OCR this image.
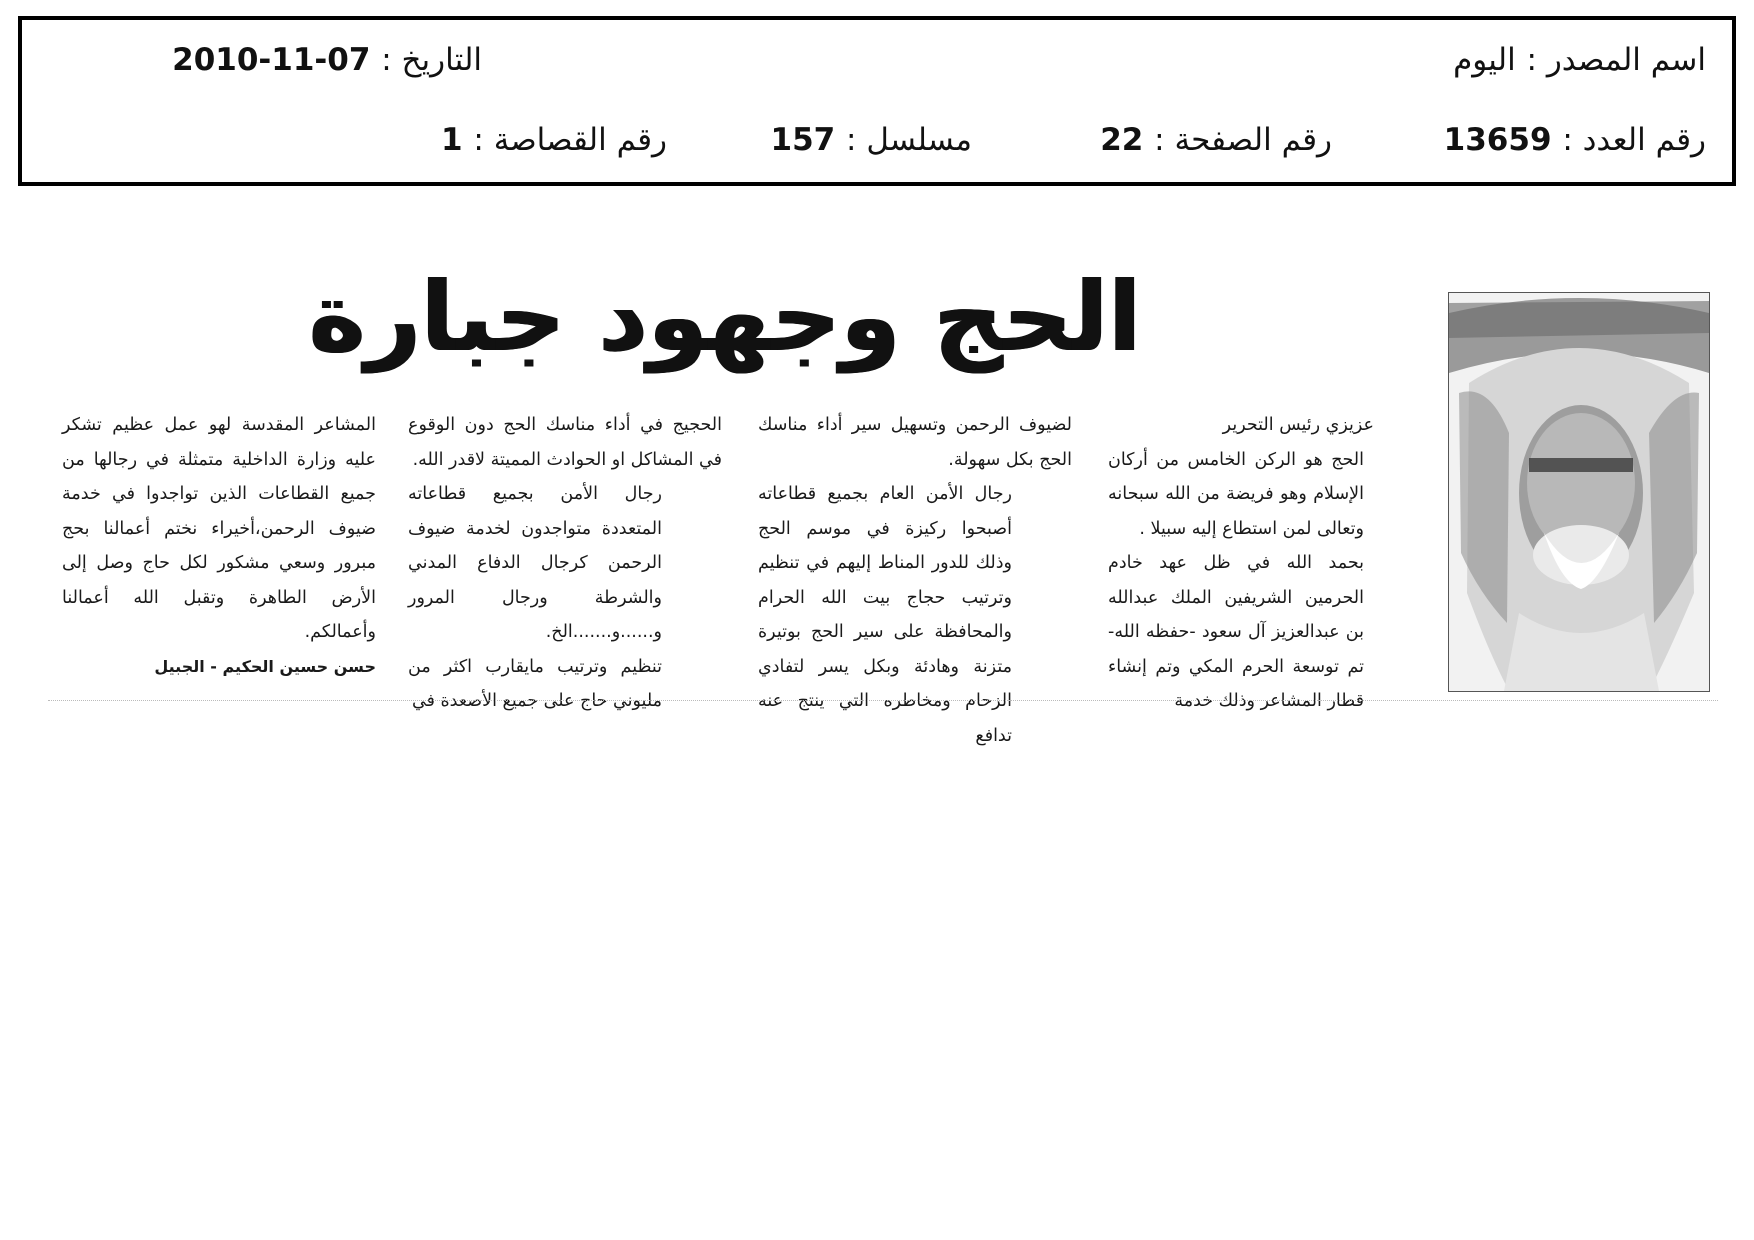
اسم المصدر : اليوم
التاريخ : 2010-11-07
رقم العدد : 13659
رقم الصفحة : 22
مسلسل : 157
رقم القصاصة : 1
الحج وجهود جبارة

عزيزي رئيس التحرير

الحج هو الركن الخامس من أركان الإسلام وهو فريضة من الله سبحانه وتعالى لمن استطاع إليه سبيلا .

بحمد الله في ظل عهد خادم الحرمين الشريفين الملك عبدالله بن عبدالعزيز آل سعود -حفظه الله- تم توسعة الحرم المكي وتم إنشاء قطار المشاعر وذلك خدمة

لضيوف الرحمن وتسهيل سير أداء مناسك الحج بكل سهولة.

رجال الأمن العام بجميع قطاعاته أصبحوا ركيزة في موسم الحج وذلك للدور المناط إليهم في تنظيم وترتيب حجاج بيت الله الحرام والمحافظة على سير الحج بوتيرة متزنة وهادئة وبكل يسر لتفادي الزحام ومخاطره التي ينتج عنه تدافع

الحجيج في أداء مناسك الحج دون الوقوع في المشاكل او الحوادث المميتة لاقدر الله.

رجال الأمن بجميع قطاعاته المتعددة متواجدون لخدمة ضيوف الرحمن كرجال الدفاع المدني والشرطة ورجال المرور و......و.......الخ.

تنظيم وترتيب مايقارب اكثر من مليوني حاج على جميع الأصعدة في

المشاعر المقدسة لهو عمل عظيم تشكر عليه وزارة الداخلية متمثلة في رجالها من جميع القطاعات الذين تواجدوا في خدمة ضيوف الرحمن،أخيراء نختم أعمالنا بحج مبرور وسعي مشكور لكل حاج وصل إلى الأرض الطاهرة وتقبل الله أعمالنا وأعمالكم.

حسن حسين الحكيم - الجبيل
